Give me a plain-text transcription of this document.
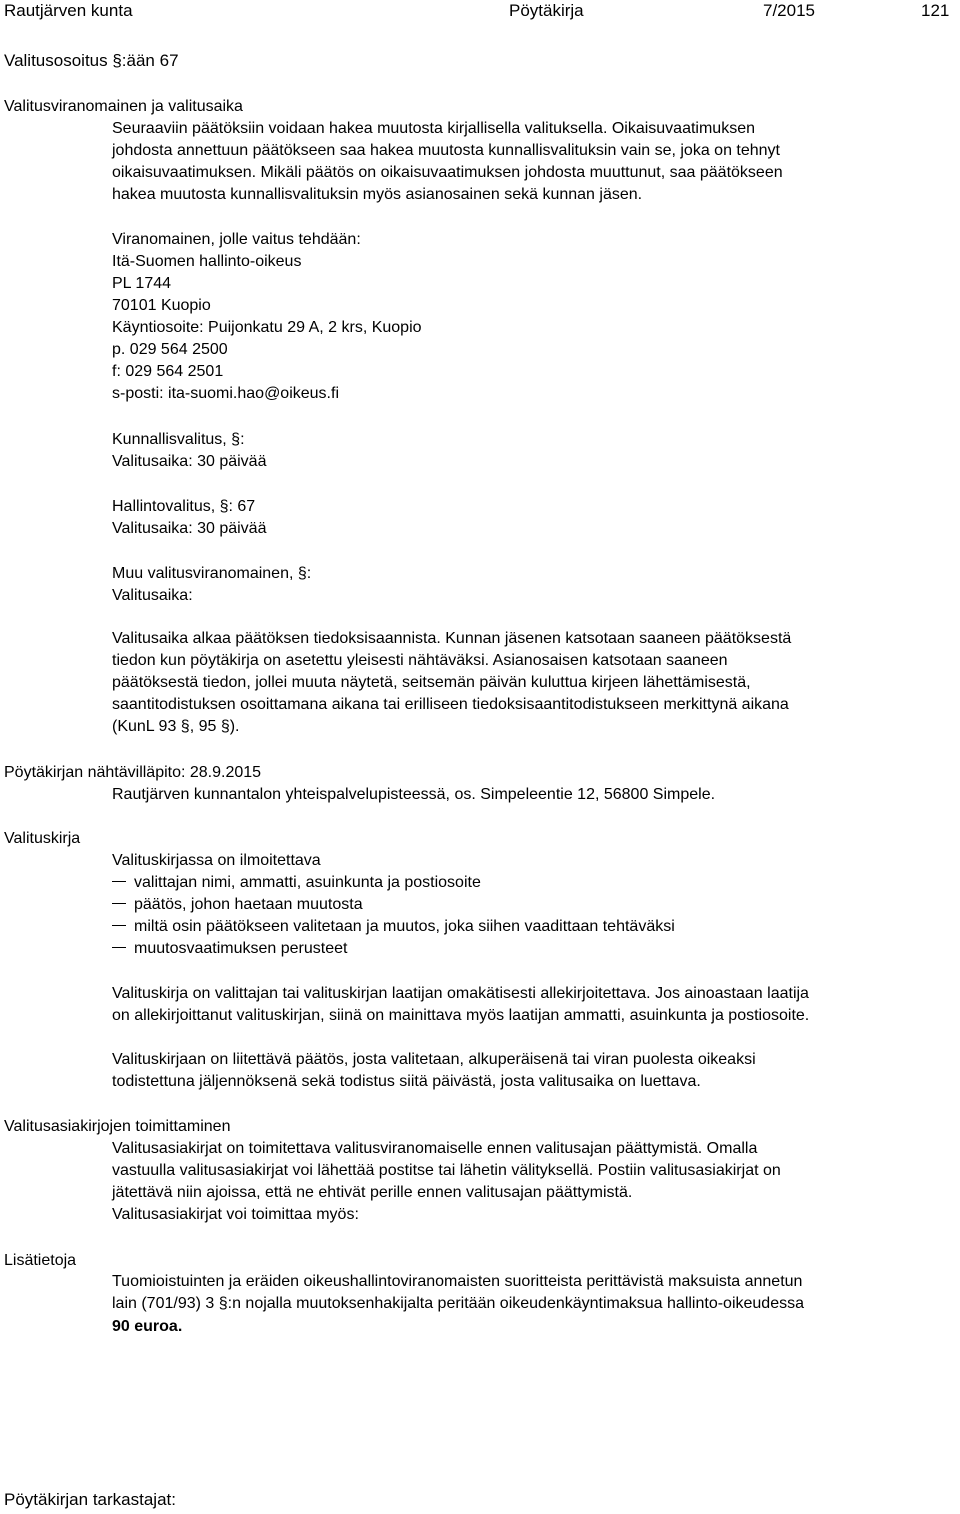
Rautjärven kunta	Pöytäkirja	7/2015	121
Valitusosoitus §:ään 67
Valitusviranomainen ja valitusaika
Seuraaviin päätöksiin voidaan hakea muutosta kirjallisella valituksella. Oikaisuvaatimuksen
johdosta annettuun päätökseen saa hakea muutosta kunnallisvalituksin vain se, joka on tehnyt
oikaisuvaatimuksen. Mikäli päätös on oikaisuvaatimuksen johdosta muuttunut, saa päätökseen
hakea muutosta kunnallisvalituksin myös asianosainen sekä kunnan jäsen.
Viranomainen, jolle vaitus tehdään:
Itä-Suomen hallinto-oikeus
PL 1744
70101 Kuopio
Käyntiosoite: Puijonkatu 29 A, 2 krs, Kuopio
p. 029 564 2500
f: 029 564 2501
s-posti: ita-suomi.hao@oikeus.fi
Kunnallisvalitus, §:
Valitusaika: 30 päivää
Hallintovalitus, §: 67
Valitusaika: 30 päivää
Muu valitusviranomainen, §:
Valitusaika:
Valitusaika alkaa päätöksen tiedoksisaannista. Kunnan jäsenen katsotaan saaneen päätöksestä
tiedon kun pöytäkirja on asetettu yleisesti nähtäväksi. Asianosaisen katsotaan saaneen
päätöksestä tiedon, jollei muuta näytetä, seitsemän päivän kuluttua kirjeen lähettämisestä,
saantitodistuksen osoittamana aikana tai erilliseen tiedoksisaantitodistukseen merkittynä aikana
(KunL 93 §, 95 §).
Pöytäkirjan nähtävilläpito: 28.9.2015
Rautjärven kunnantalon yhteispalvelupisteessä, os. Simpeleentie 12, 56800 Simpele.
Valituskirja
Valituskirjassa on ilmoitettava
valittajan nimi, ammatti, asuinkunta ja postiosoite
päätös, johon haetaan muutosta
miltä osin päätökseen valitetaan ja muutos, joka siihen vaadittaan tehtäväksi
muutosvaatimuksen perusteet
Valituskirja on valittajan tai valituskirjan laatijan omakätisesti allekirjoitettava. Jos ainoastaan laatija
on allekirjoittanut valituskirjan, siinä on mainittava myös laatijan ammatti, asuinkunta ja postiosoite.
Valituskirjaan on liitettävä päätös, josta valitetaan, alkuperäisenä tai viran puolesta oikeaksi
todistettuna jäljennöksenä sekä todistus siitä päivästä, josta valitusaika on luettava.
Valitusasiakirjojen toimittaminen
Valitusasiakirjat on toimitettava valitusviranomaiselle ennen valitusajan päättymistä. Omalla
vastuulla valitusasiakirjat voi lähettää postitse tai lähetin välityksellä. Postiin valitusasiakirjat on
jätettävä niin ajoissa, että ne ehtivät perille ennen valitusajan päättymistä.
Valitusasiakirjat voi toimittaa myös:
Lisätietoja
Tuomioistuinten ja eräiden oikeushallintoviranomaisten suoritteista perittävistä maksuista annetun
lain (701/93) 3 §:n nojalla muutoksenhakijalta peritään oikeudenkäyntimaksua hallinto-oikeudessa
90 euroa.
Pöytäkirjan tarkastajat:
